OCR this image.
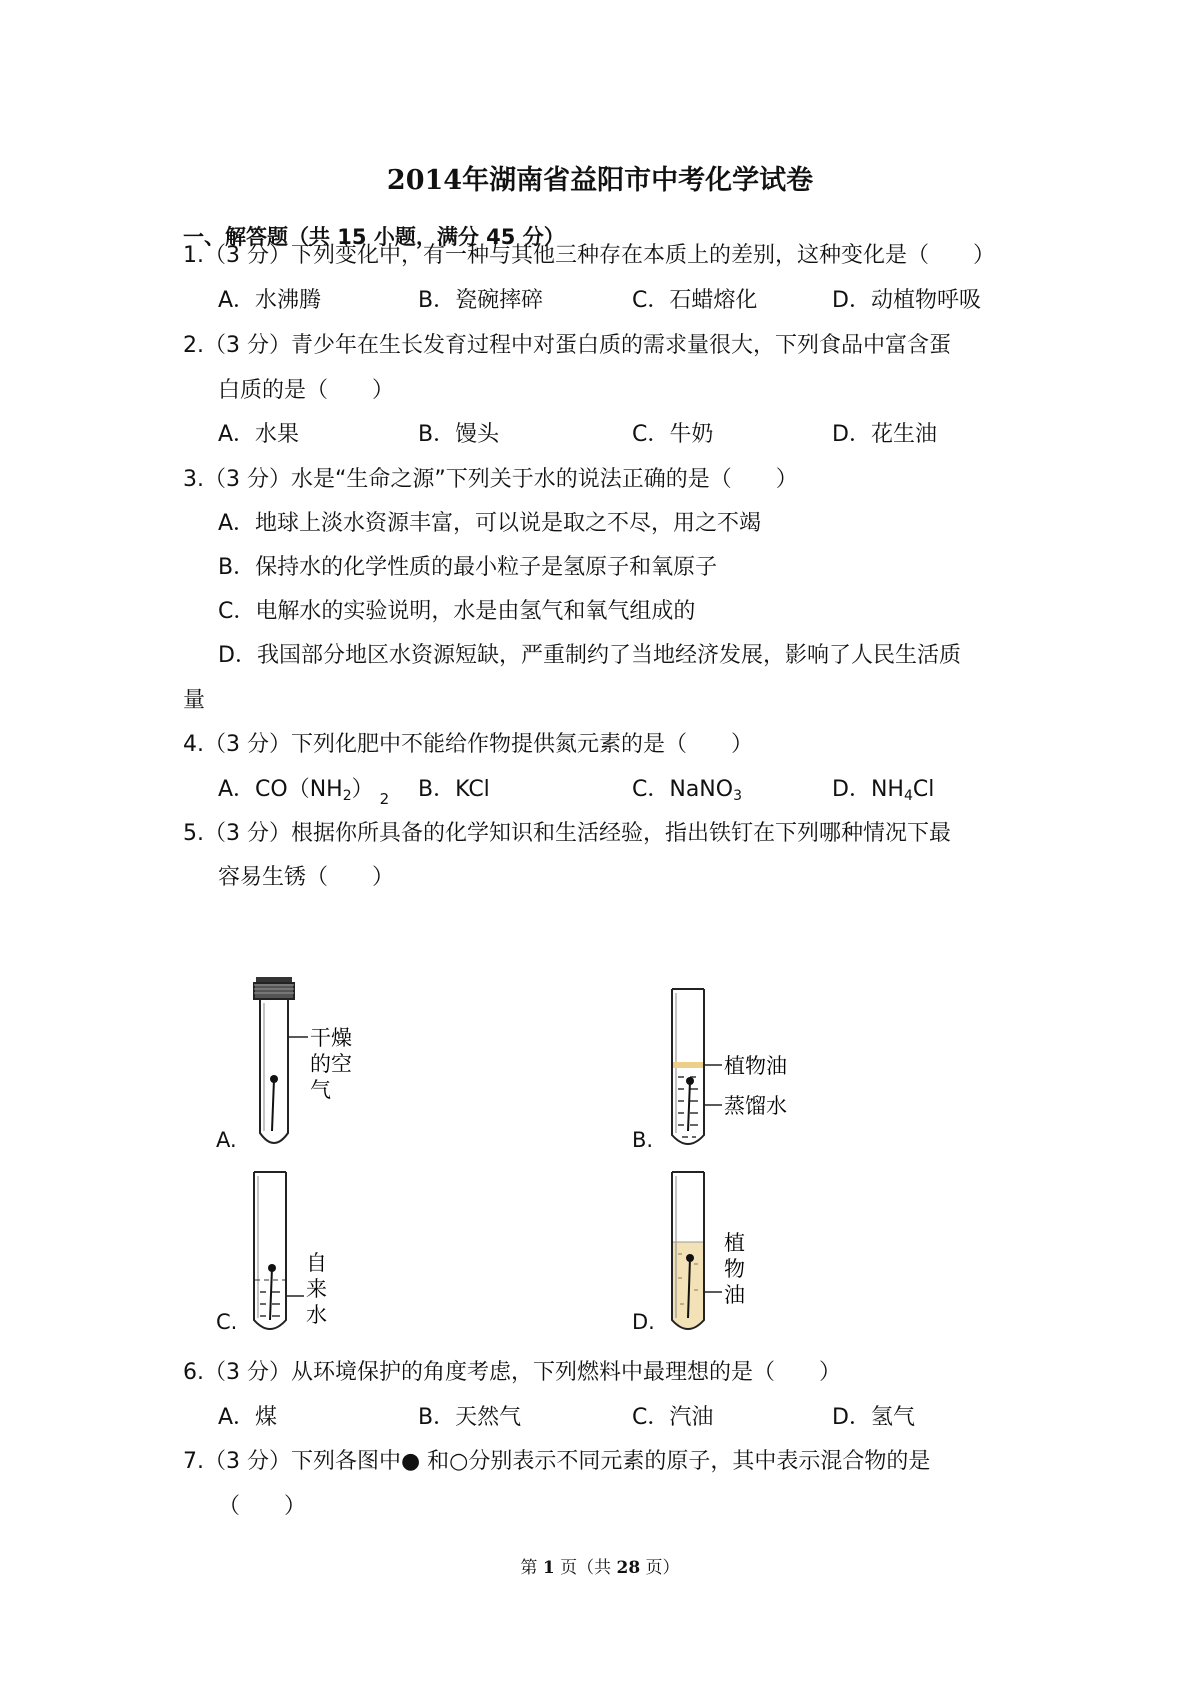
2014年湖南省益阳市中考化学试卷
一、解答题（共 15 小题，满分 45 分）
1.（3 分）下列变化中，有一种与其他三种存在本质上的差别，这种变化是（　　）
A．水沸腾	B．瓷碗摔碎	C．石蜡熔化	D．动植物呼吸
2.（3 分）青少年在生长发育过程中对蛋白质的需求量很大，下列食品中富含蛋
白质的是（　　）
A．水果	B．馒头	C．牛奶	D．花生油
3.（3 分）水是“生命之源”下列关于水的说法正确的是（　　）
A．地球上淡水资源丰富，可以说是取之不尽，用之不竭
B．保持水的化学性质的最小粒子是氢原子和氧原子
C．电解水的实验说明，水是由氢气和氧气组成的
D．我国部分地区水资源短缺，严重制约了当地经济发展，影响了人民生活质
量
4.（3 分）下列化肥中不能给作物提供氮元素的是（　　）
A．$CO(NH_2)$ $_2$ B．KCl	C．NaNO$_3$	D．$NH_4Cl$
5.（3 分）根据你所具备的化学知识和生活经验，指出铁钉在下列哪种情况下最
容易生锈（　　）
A.
干燥
的空
气
B.
植物油
蒸馏水
C.
自
来
水	D.
植
物
油
6.（3 分）从环境保护的角度考虑，下列燃料中最理想的是（　　）
A．煤	B．天然气	C．汽油	D．氢气
7.（3 分）下列各图中● 和○分别表示不同元素的原子，其中表示混合物的是
（　　）
第 1 页（共 28 页）
